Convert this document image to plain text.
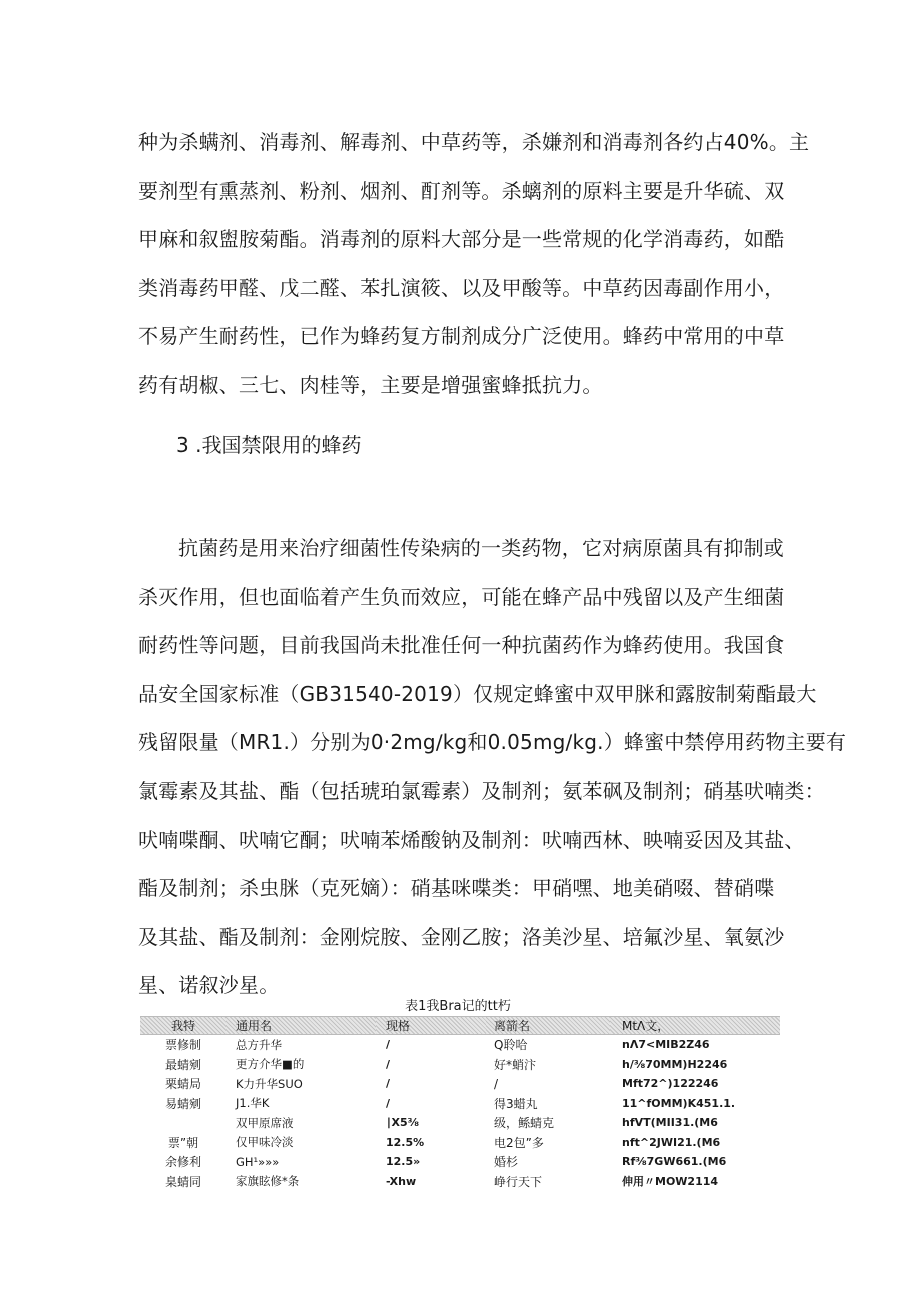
种为杀螨剂、消毒剂、解毒剂、中草药等，杀嫌剂和消毒剂各约占40%。主
要剂型有熏蒸剂、粉剂、烟剂、酊剂等。杀螭剂的原料主要是升华硫、双
甲麻和叙盥胺菊酯。消毒剂的原料大部分是一些常规的化学消毒药，如酷
类消毒药甲醛、戊二醛、苯扎演筱、以及甲酸等。中草药因毒副作用小，
不易产生耐药性，已作为蜂药复方制剂成分广泛使用。蜂药中常用的中草
药有胡椒、三七、肉桂等，主要是增强蜜蜂抵抗力。
3 .我国禁限用的蜂药
抗菌药是用来治疗细菌性传染病的一类药物，它对病原菌具有抑制或
杀灭作用，但也面临着产生负而效应，可能在蜂产品中残留以及产生细菌
耐药性等问题，目前我国尚未批准任何一种抗菌药作为蜂药使用。我国食
品安全国家标准（GB31540-2019）仅规定蜂蜜中双甲脒和露胺制菊酯最大
残留限量（MR1.）分别为0·2mg∕kg和0.05mg∕kg.）蜂蜜中禁停用药物主要有
氯霉素及其盐、酯（包括琥珀氯霉素）及制剂；氨苯砜及制剂；硝基吠喃类：
吠喃喋酮、吠喃它酮；吠喃苯烯酸钠及制剂：吠喃西林、映喃妥因及其盐、
酯及制剂；杀虫脒（克死嫡）：硝基咪喋类：甲硝嘿、地美硝啜、替硝喋
及其盐、酯及制剂：金刚烷胺、金刚乙胺；洛美沙星、培氟沙星、氧氨沙
星、诺叙沙星。
表1我Bra记的tt朽
我特	通用名	现格	离箭名	MtΛ文，
票修制	总方升华	/	Q聆哈	nΛ7<MIB2Z46
最蜻剜	更方介华■的	/	好*蛸汴	h/⅜70MM)H2246
栗蜻局	K力升华SUO	/	/	Mft72^)122246
易蜻剜	J1.华K	/	得3蜡丸	11^fOMM)K451.1.
	双甲原席液	∣X5⅜	级，鲧蜻克	hfVT(MII31.(M6
票”朝	仅甲味冷淡	12.5%	电2包”多	nft^2JWI21.(M6
余修利	GH¹»»»	12.5»	婚杉	Rf⅜7GW661.(M6
臬蜻同	家旗眩修*条	-Xhw	峥行天下	伸用〃MOW2114
